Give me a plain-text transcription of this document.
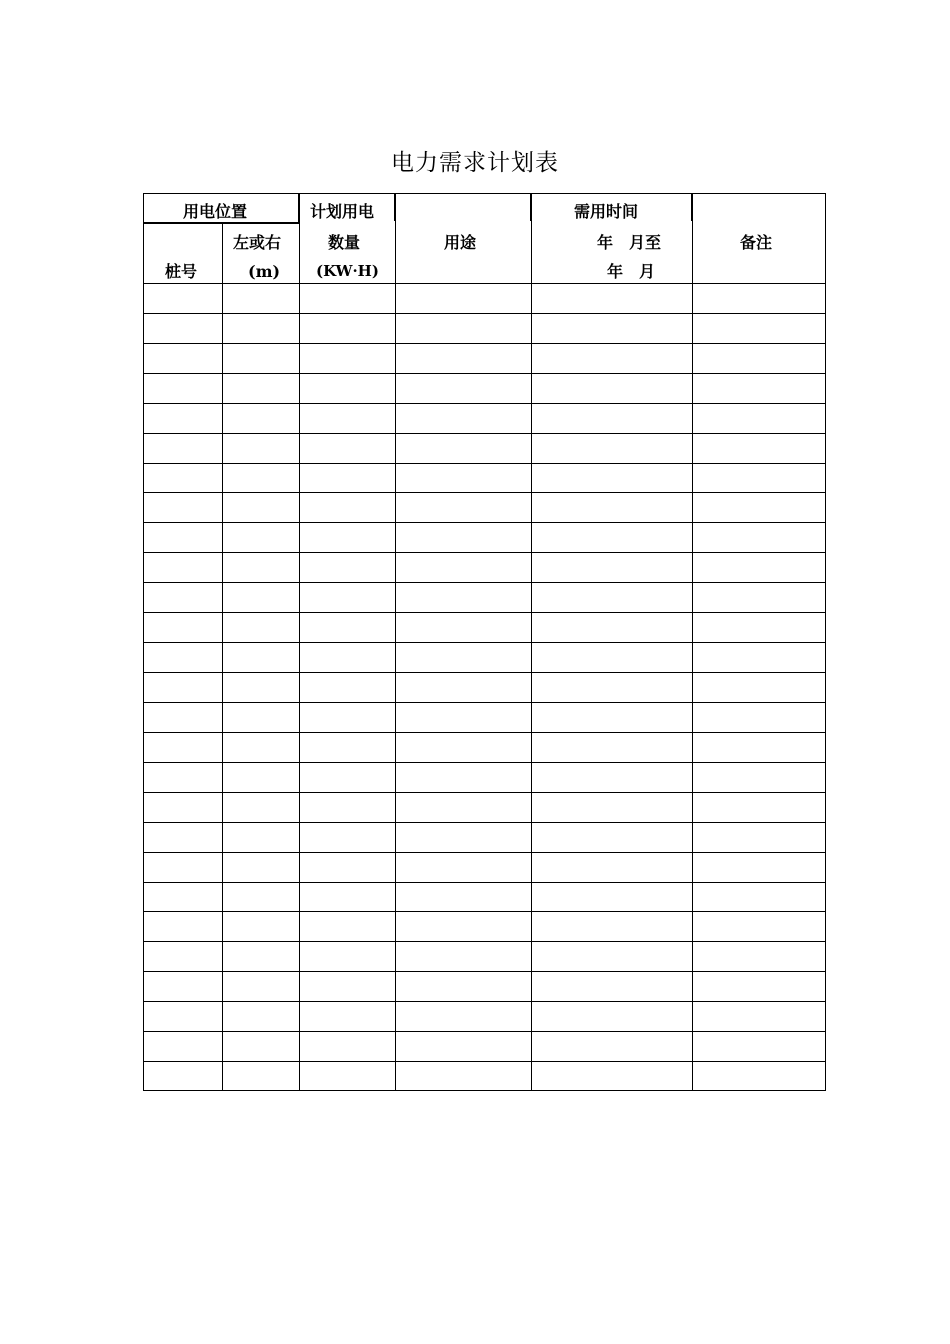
电力需求计划表
用电位置
桩号
左或右
(m)
计划用电
数量
(KW·H)
用途
需用时间
年　月至
年　月
备注
